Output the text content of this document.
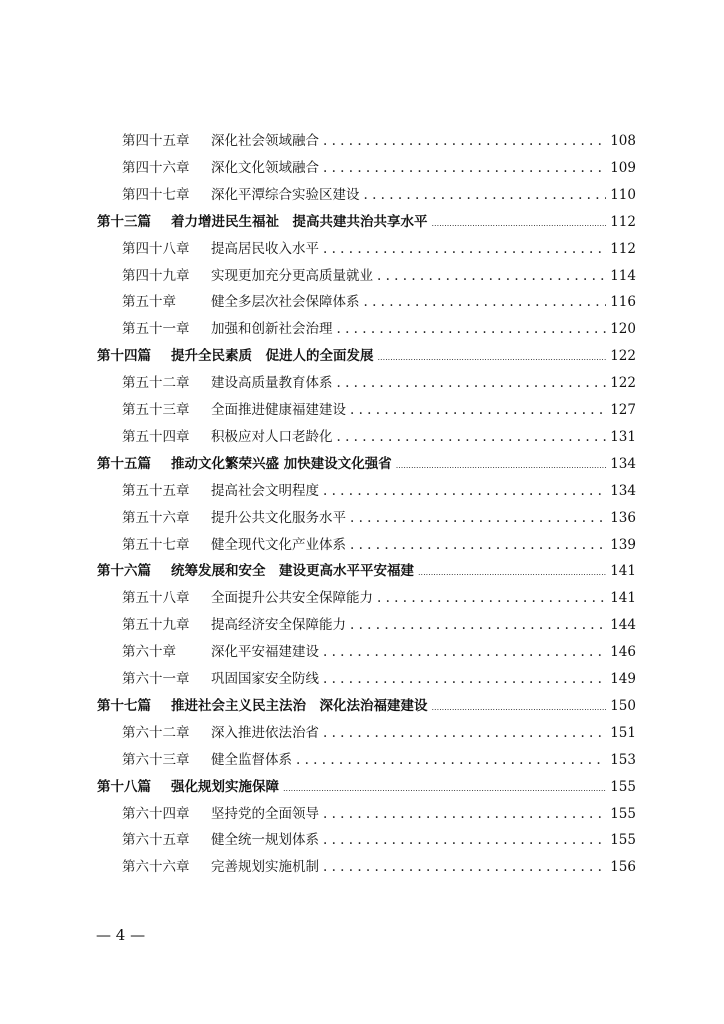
第四十五章	深化社会领域融合 . . .	108
第四十六章	深化文化领域融合 . . .	109
第四十七章	深化平潭综合实验区建设 . . .	110
第十三篇	着力增进民生福祉　提高共建共治共享水平 .....	112
第四十八章	提高居民收入水平 . . .	112
第四十九章	实现更加充分更高质量就业 . . .	114
第五十章	健全多层次社会保障体系 . . .	116
第五十一章	加强和创新社会治理 . . .	120
第十四篇	提升全民素质　促进人的全面发展 .....	122
第五十二章	建设高质量教育体系 . . .	122
第五十三章	全面推进健康福建建设 . . .	127
第五十四章	积极应对人口老龄化 . . .	131
第十五篇	推动文化繁荣兴盛 加快建设文化强省 .....	134
第五十五章	提高社会文明程度 . . .	134
第五十六章	提升公共文化服务水平 . . .	136
第五十七章	健全现代文化产业体系 . . .	139
第十六篇	统筹发展和安全　建设更高水平平安福建 .....	141
第五十八章	全面提升公共安全保障能力 . . .	141
第五十九章	提高经济安全保障能力 . . .	144
第六十章	深化平安福建建设 . . .	146
第六十一章	巩固国家安全防线 . . .	149
第十七篇	推进社会主义民主法治　深化法治福建建设 .....	150
第六十二章	深入推进依法治省 . . .	151
第六十三章	健全监督体系 . . .	153
第十八篇	强化规划实施保障 .....	155
第六十四章	坚持党的全面领导 . . .	155
第六十五章	健全统一规划体系 . . .	155
第六十六章	完善规划实施机制 . . .	156
— 4 —
